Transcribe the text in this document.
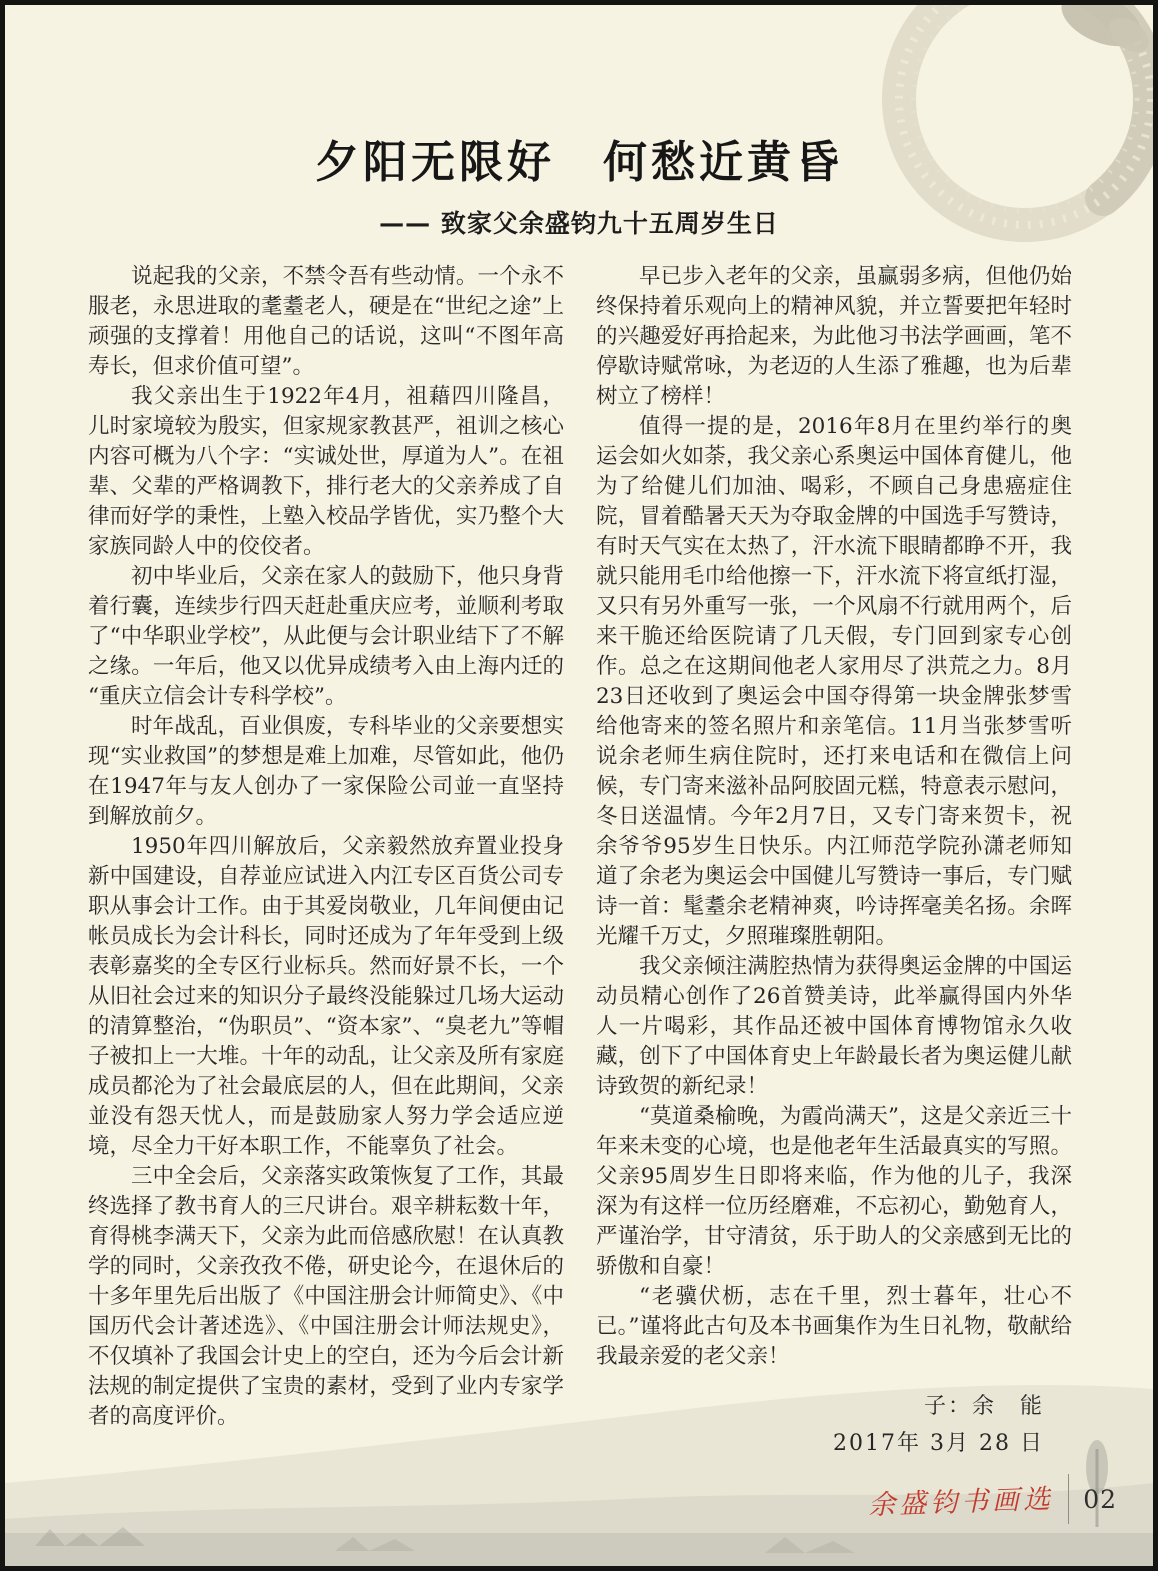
夕阳无限好　何愁近黄昏
—— 致家父余盛钧九十五周岁生日

说起我的父亲，不禁令吾有些动情。一个永不服老，永思进取的耄耋老人，硬是在“世纪之途”上顽强的支撑着！用他自己的话说，这叫“不图年高寿长，但求价值可望”。

我父亲出生于1922年4月，祖藉四川隆昌，儿时家境较为殷实，但家规家教甚严，祖训之核心内容可概为八个字：“实诚处世，厚道为人”。在祖辈、父辈的严格调教下，排行老大的父亲养成了自律而好学的秉性，上塾入校品学皆优，实乃整个大家族同龄人中的佼佼者。

初中毕业后，父亲在家人的鼓励下，他只身背着行囊，连续步行四天赶赴重庆应考，並顺利考取了“中华职业学校”，从此便与会计职业结下了不解之缘。一年后，他又以优异成绩考入由上海内迁的“重庆立信会计专科学校”。

时年战乱，百业俱废，专科毕业的父亲要想实现“实业救国”的梦想是难上加难，尽管如此，他仍在1947年与友人创办了一家保险公司並一直坚持到解放前夕。

1950年四川解放后，父亲毅然放弃置业投身新中国建设，自荐並应试进入内江专区百货公司专职从事会计工作。由于其爱岗敬业，几年间便由记帐员成长为会计科长，同时还成为了年年受到上级表彰嘉奖的全专区行业标兵。然而好景不长，一个从旧社会过来的知识分子最终没能躲过几场大运动的清算整治，“伪职员”、“资本家”、“臭老九”等帽子被扣上一大堆。十年的动乱，让父亲及所有家庭成员都沦为了社会最底层的人，但在此期间，父亲並没有怨天忧人，而是鼓励家人努力学会适应逆境，尽全力干好本职工作，不能辜负了社会。

三中全会后，父亲落实政策恢复了工作，其最终选择了教书育人的三尺讲台。艰辛耕耘数十年，育得桃李满天下，父亲为此而倍感欣慰！在认真教学的同时，父亲孜孜不倦，研史论今，在退休后的十多年里先后出版了《中国注册会计师简史》、《中国历代会计著述选》、《中国注册会计师法规史》，不仅填补了我国会计史上的空白，还为今后会计新法规的制定提供了宝贵的素材，受到了业内专家学者的高度评价。

早已步入老年的父亲，虽赢弱多病，但他仍始终保持着乐观向上的精神风貌，并立誓要把年轻时的兴趣爱好再拾起来，为此他习书法学画画，笔不停歇诗赋常咏，为老迈的人生添了雅趣，也为后辈树立了榜样！

值得一提的是，2016年8月在里约举行的奥运会如火如荼，我父亲心系奥运中国体育健儿，他为了给健儿们加油、喝彩，不顾自己身患癌症住院，冒着酷暑天天为夺取金牌的中国选手写赞诗，有时天气实在太热了，汗水流下眼睛都睁不开，我就只能用毛巾给他擦一下，汗水流下将宣纸打湿，又只有另外重写一张，一个风扇不行就用两个，后来干脆还给医院请了几天假，专门回到家专心创作。总之在这期间他老人家用尽了洪荒之力。8月23日还收到了奥运会中国夺得第一块金牌张梦雪给他寄来的签名照片和亲笔信。11月当张梦雪听说余老师生病住院时，还打来电话和在微信上问候，专门寄来滋补品阿胶固元糕，特意表示慰问，冬日送温情。今年2月7日，又专门寄来贺卡，祝余爷爷95岁生日快乐。内江师范学院孙潇老师知道了余老为奥运会中国健儿写赞诗一事后，专门赋诗一首：髦耋余老精神爽，吟诗挥毫美名扬。余晖光耀千万丈，夕照璀璨胜朝阳。

我父亲倾注满腔热情为获得奥运金牌的中国运动员精心创作了26首赞美诗，此举赢得国内外华人一片喝彩，其作品还被中国体育博物馆永久收藏，创下了中国体育史上年龄最长者为奥运健儿献诗致贺的新纪录！

“莫道桑榆晚，为霞尚满天”，这是父亲近三十年来未变的心境，也是他老年生活最真实的写照。父亲95周岁生日即将来临，作为他的儿子，我深深为有这样一位历经磨难，不忘初心，勤勉育人，严谨治学，甘守清贫，乐于助人的父亲感到无比的骄傲和自豪！

“老骥伏枥，志在千里，烈士暮年，壮心不已。”谨将此古句及本书画集作为生日礼物，敬献给我最亲爱的老父亲！

子：余　能
2017年 3月 28 日
余盛钧书画选 02
